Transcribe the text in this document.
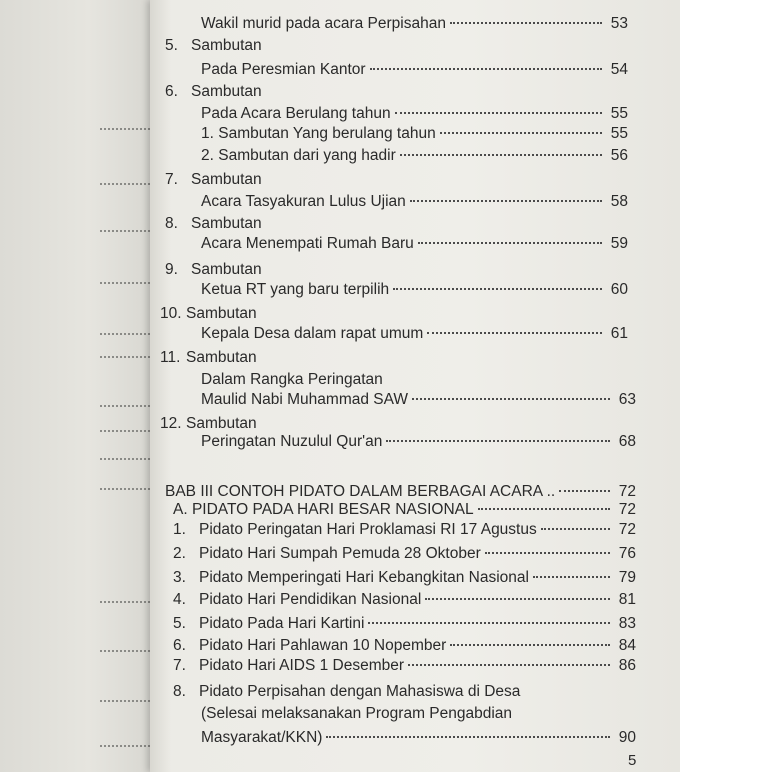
Wakil murid pada acara Perpisahan	53
5. Sambutan
Pada Peresmian Kantor	54
6. Sambutan
Pada Acara Berulang tahun	55
1. Sambutan Yang berulang tahun	55
2. Sambutan dari yang hadir	56
7. Sambutan
Acara Tasyakuran Lulus Ujian	58
8. Sambutan
Acara Menempati Rumah Baru	59
9. Sambutan
Ketua RT yang baru terpilih	60
10. Sambutan
Kepala Desa dalam rapat umum	61
11. Sambutan
Dalam Rangka Peringatan
Maulid Nabi Muhammad SAW	63
12. Sambutan
Peringatan Nuzulul Qur'an	68
BAB III CONTOH PIDATO DALAM BERBAGAI ACARA ..	72
A. PIDATO PADA HARI BESAR NASIONAL	72
1. Pidato Peringatan Hari Proklamasi RI 17 Agustus	72
2. Pidato Hari Sumpah Pemuda 28 Oktober	76
3. Pidato Memperingati Hari Kebangkitan Nasional	79
4. Pidato Hari Pendidikan Nasional	81
5. Pidato Pada Hari Kartini	83
6. Pidato Hari Pahlawan 10 Nopember	84
7. Pidato Hari AIDS 1 Desember	86
8. Pidato Perpisahan dengan Mahasiswa di Desa
(Selesai melaksanakan Program Pengabdian
Masyarakat/KKN)	90
5
